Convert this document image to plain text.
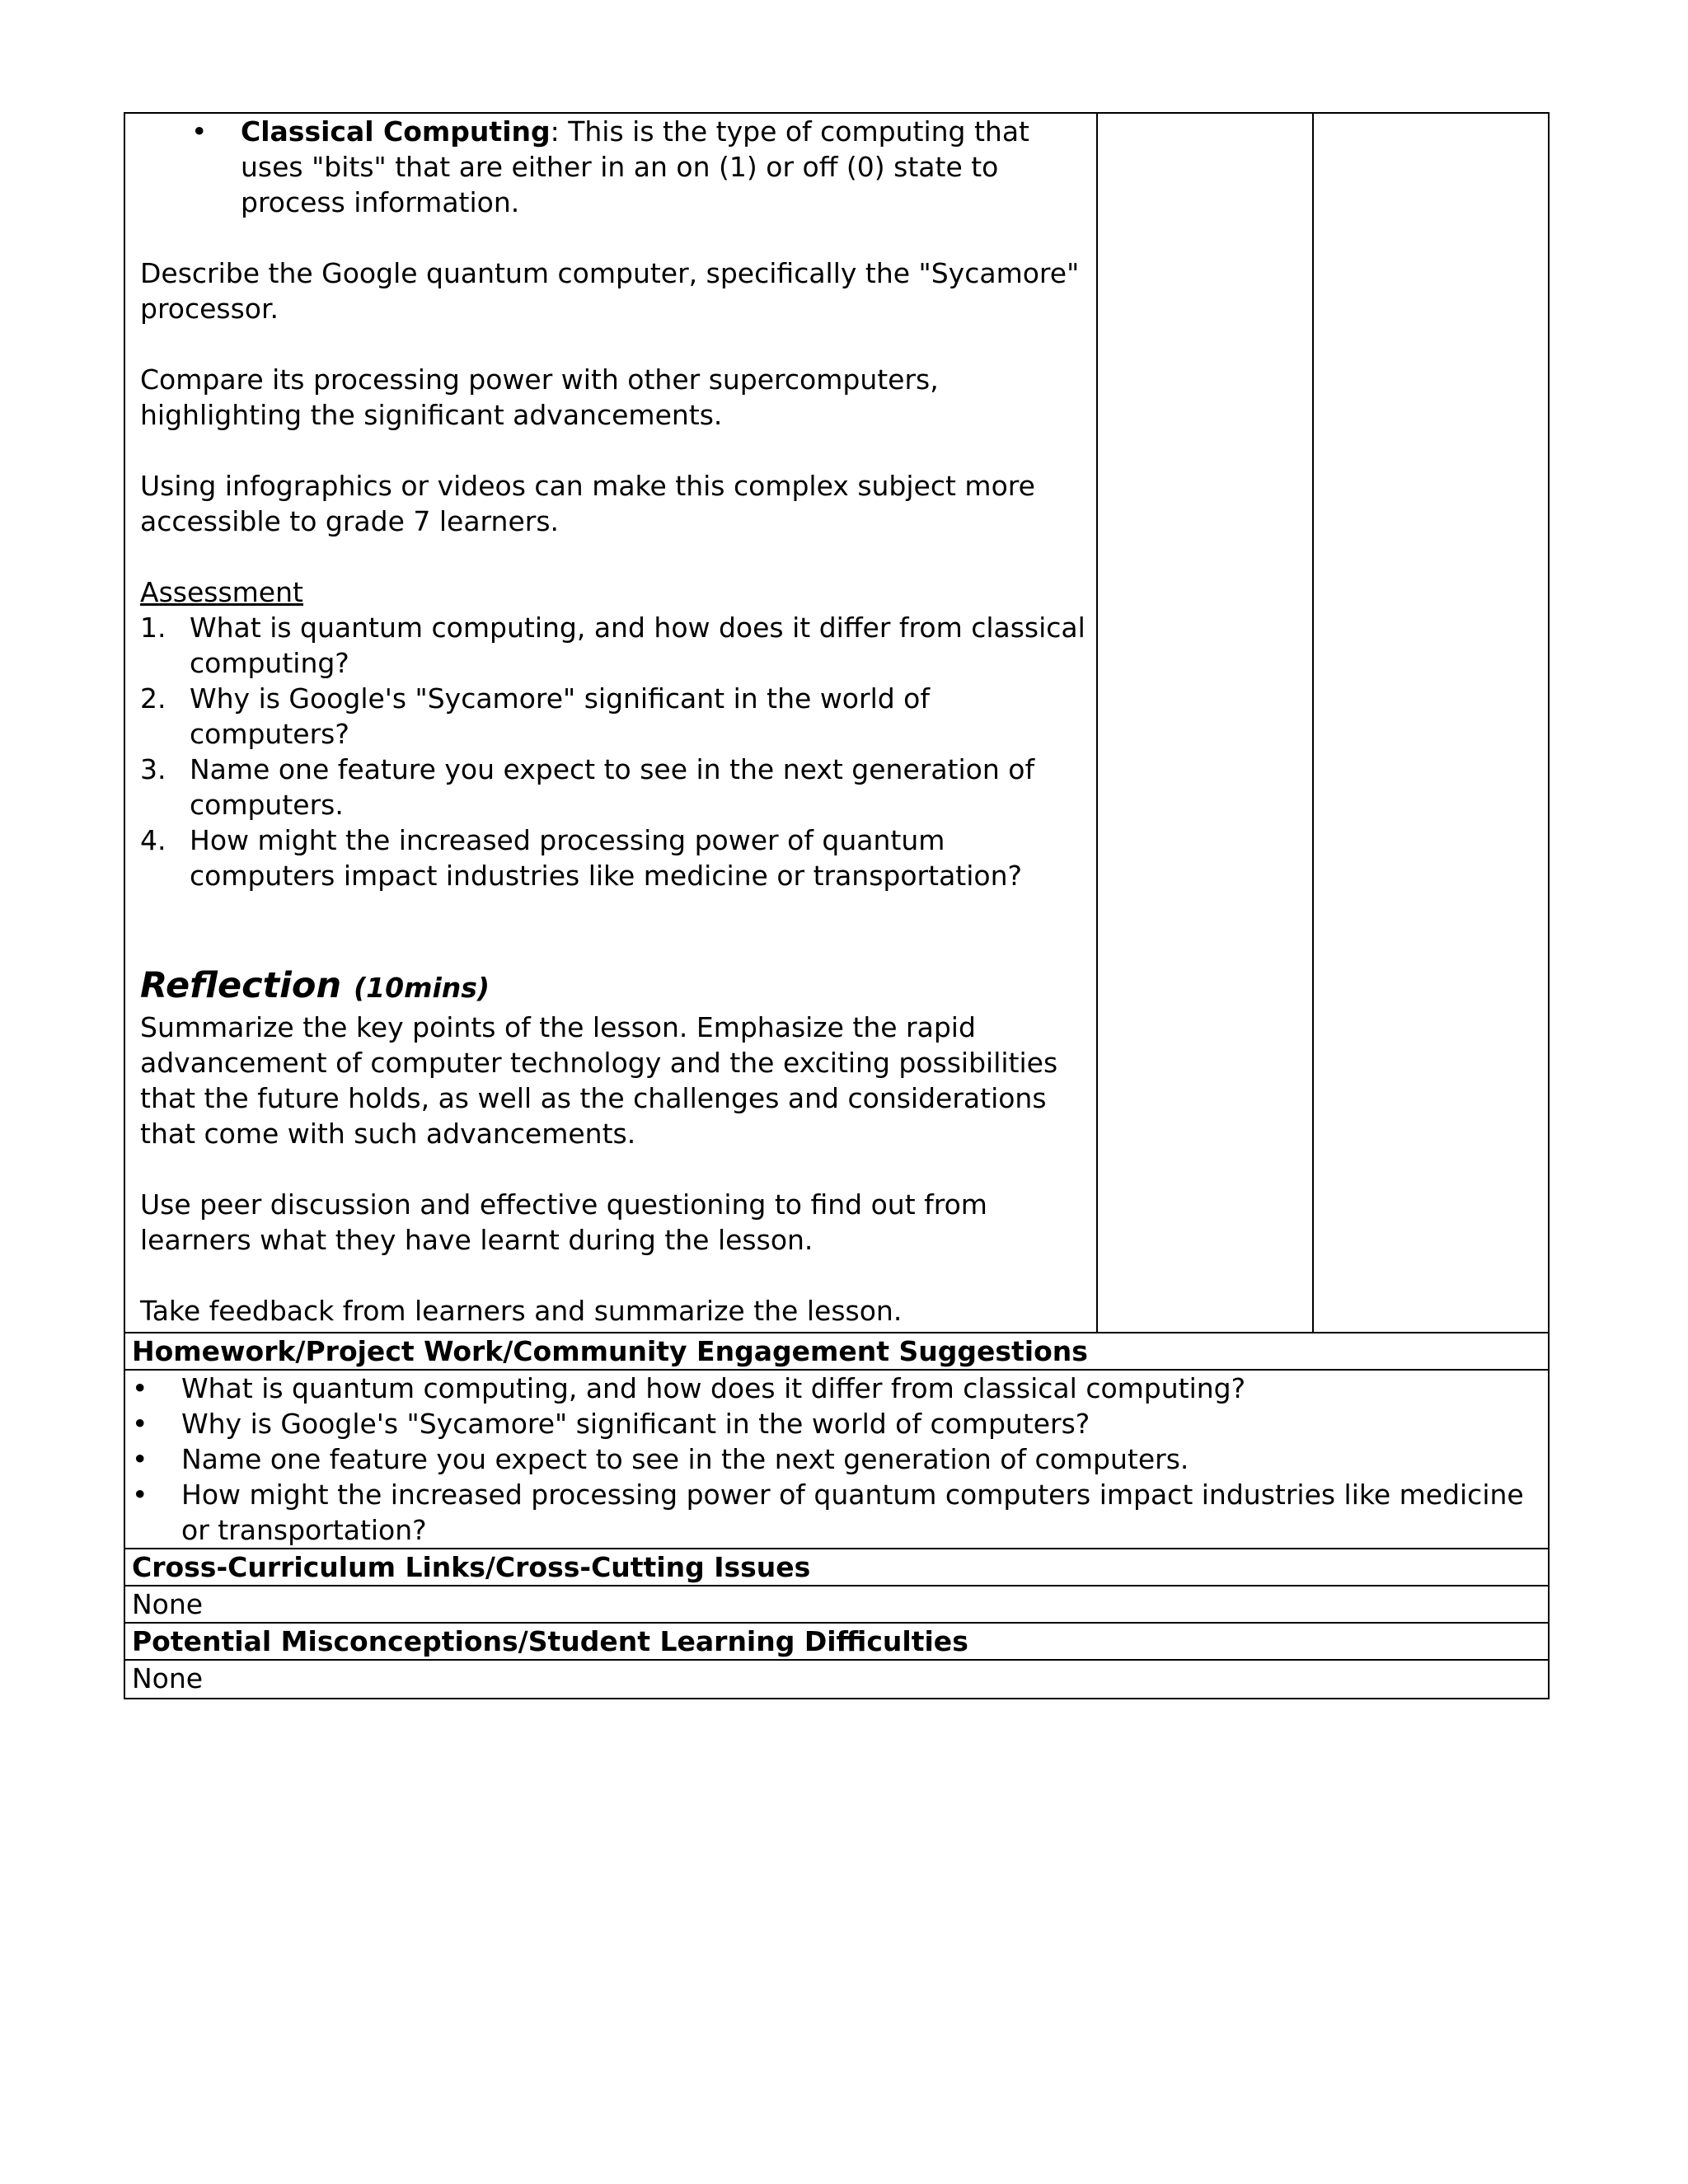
•	Classical Computing: This is the type of computing that uses "bits" that are either in an on (1) or off (0) state to process information.

Describe the Google quantum computer, specifically the "Sycamore" processor.

Compare its processing power with other supercomputers, highlighting the significant advancements.

Using infographics or videos can make this complex subject more accessible to grade 7 learners.

Assessment
1. What is quantum computing, and how does it differ from classical computing?
2. Why is Google's "Sycamore" significant in the world of computers?
3. Name one feature you expect to see in the next generation of computers.
4. How might the increased processing power of quantum computers impact industries like medicine or transportation?
Reflection (10mins)

Summarize the key points of the lesson. Emphasize the rapid advancement of computer technology and the exciting possibilities that the future holds, as well as the challenges and considerations that come with such advancements.

Use peer discussion and effective questioning to find out from learners what they have learnt during the lesson.

Take feedback from learners and summarize the lesson.

Homework/Project Work/Community Engagement Suggestions

•	What is quantum computing, and how does it differ from classical computing?
•	Why is Google's "Sycamore" significant in the world of computers?
•	Name one feature you expect to see in the next generation of computers.
•	How might the increased processing power of quantum computers impact industries like medicine or transportation?

Cross-Curriculum Links/Cross-Cutting Issues
None
Potential Misconceptions/Student Learning Difficulties
None
